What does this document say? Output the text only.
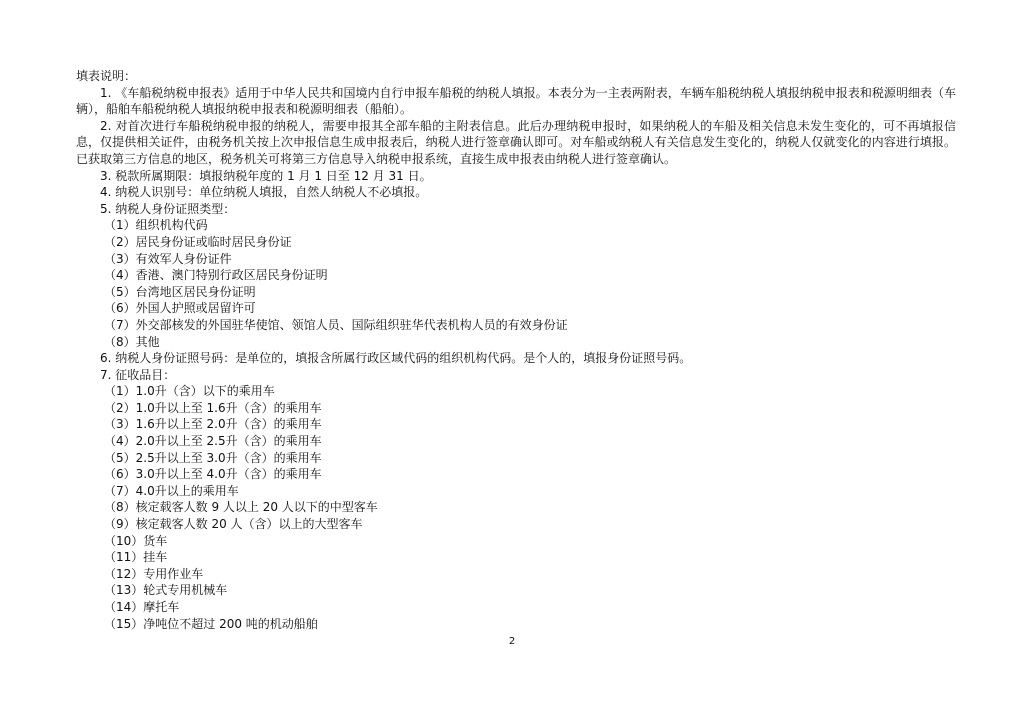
填表说明：
1. 《车船税纳税申报表》适用于中华人民共和国境内自行申报车船税的纳税人填报。本表分为一主表两附表，车辆车船税纳税人填报纳税申报表和税源明细表（车辆），船舶车船税纳税人填报纳税申报表和税源明细表（船舶）。
2. 对首次进行车船税纳税申报的纳税人，需要申报其全部车船的主附表信息。此后办理纳税申报时，如果纳税人的车船及相关信息未发生变化的，可不再填报信息，仅提供相关证件，由税务机关按上次申报信息生成申报表后，纳税人进行签章确认即可。对车船或纳税人有关信息发生变化的，纳税人仅就变化的内容进行填报。已获取第三方信息的地区，税务机关可将第三方信息导入纳税申报系统，直接生成申报表由纳税人进行签章确认。
3. 税款所属期限：填报纳税年度的 1 月 1 日至 12 月 31 日。
4. 纳税人识别号：单位纳税人填报，自然人纳税人不必填报。
5. 纳税人身份证照类型：
（1）组织机构代码
（2）居民身份证或临时居民身份证
（3）有效军人身份证件
（4）香港、澳门特别行政区居民身份证明
（5）台湾地区居民身份证明
（6）外国人护照或居留许可
（7）外交部核发的外国驻华使馆、领馆人员、国际组织驻华代表机构人员的有效身份证
（8）其他
6. 纳税人身份证照号码：是单位的，填报含所属行政区域代码的组织机构代码。是个人的，填报身份证照号码。
7. 征收品目：
（1）1.0升（含）以下的乘用车
（2）1.0升以上至 1.6升（含）的乘用车
（3）1.6升以上至 2.0升（含）的乘用车
（4）2.0升以上至 2.5升（含）的乘用车
（5）2.5升以上至 3.0升（含）的乘用车
（6）3.0升以上至 4.0升（含）的乘用车
（7）4.0升以上的乘用车
（8）核定载客人数 9 人以上 20 人以下的中型客车
（9）核定载客人数 20 人（含）以上的大型客车
（10）货车
（11）挂车
（12）专用作业车
（13）轮式专用机械车
（14）摩托车
（15）净吨位不超过 200 吨的机动船舶
2
